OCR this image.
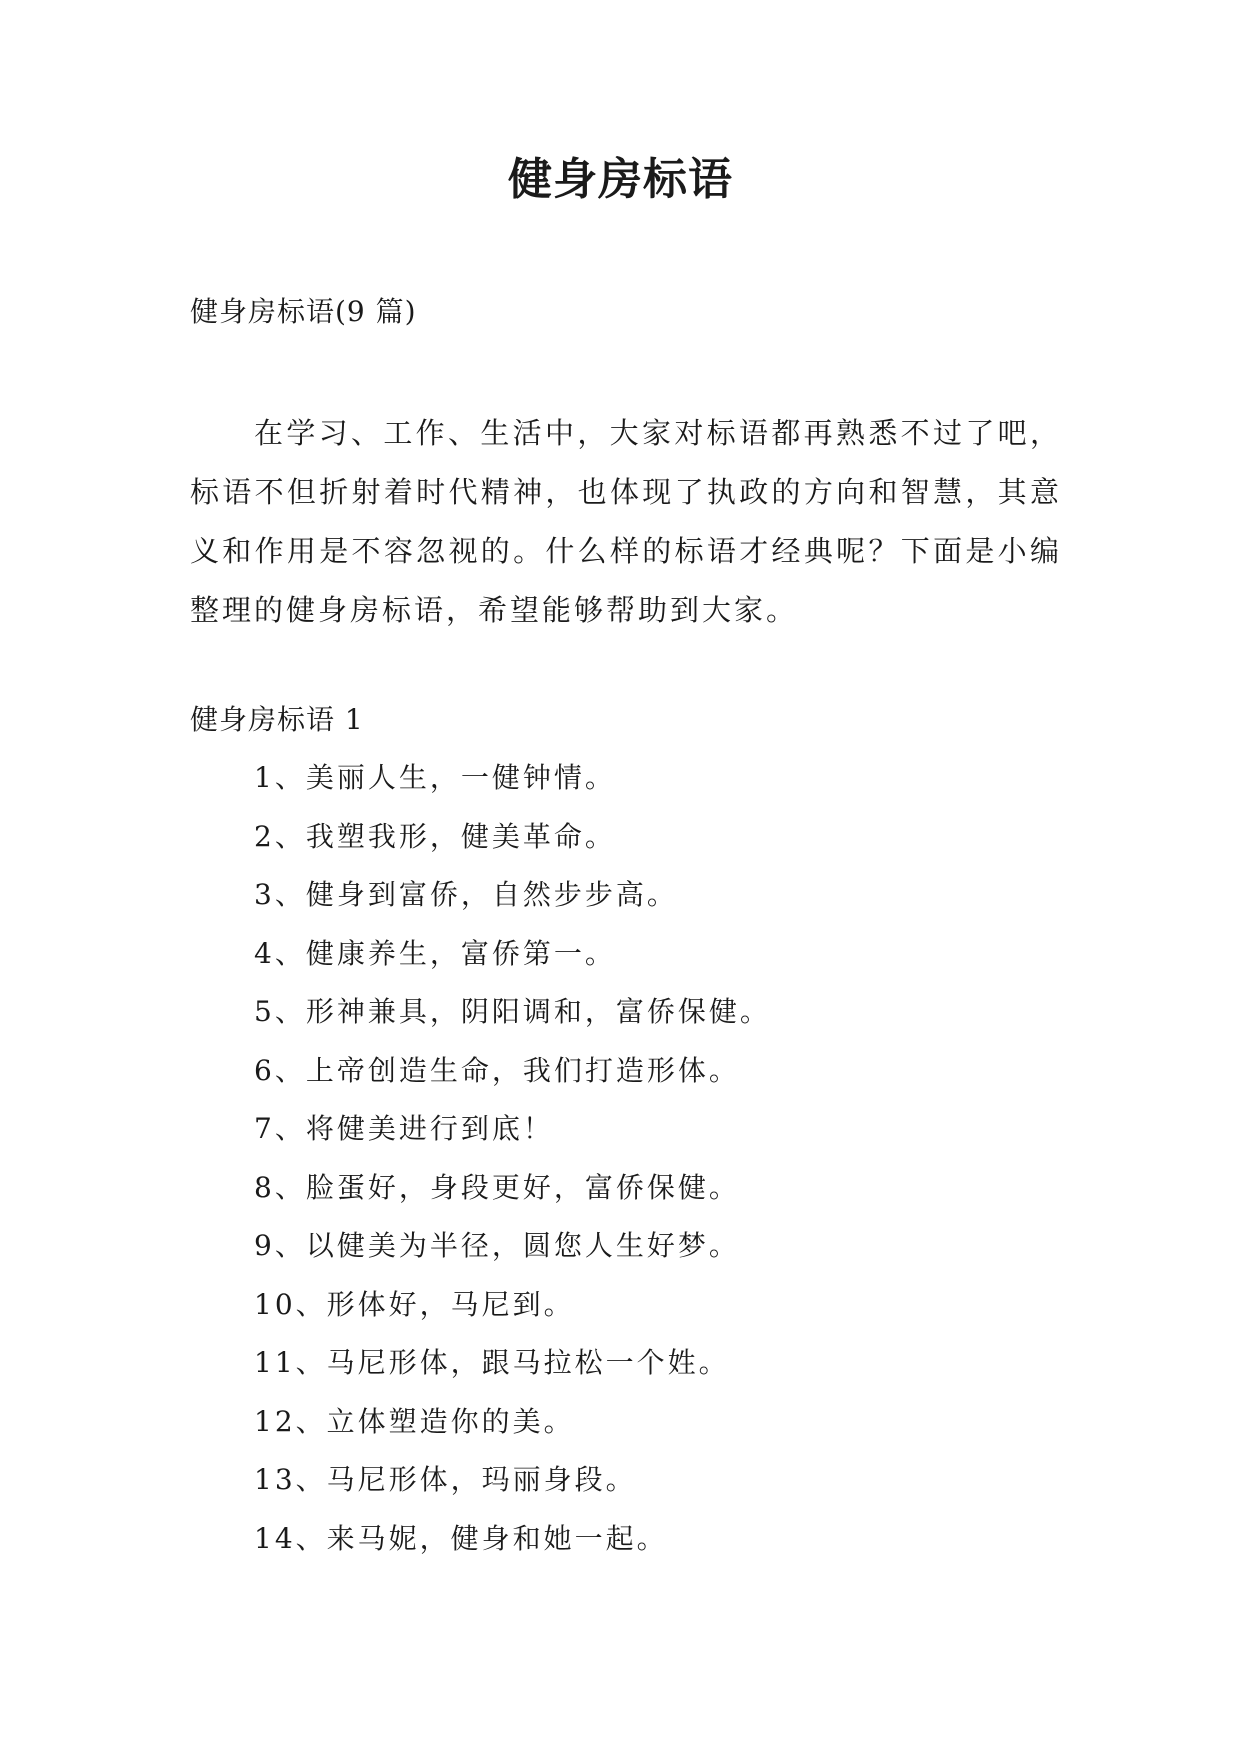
健身房标语
健身房标语(9 篇)

在学习、工作、生活中，大家对标语都再熟悉不过了吧，标语不但折射着时代精神，也体现了执政的方向和智慧，其意义和作用是不容忽视的。什么样的标语才经典呢？下面是小编整理的健身房标语，希望能够帮助到大家。

健身房标语 1
1、美丽人生，一健钟情。
2、我塑我形，健美革命。
3、健身到富侨，自然步步高。
4、健康养生，富侨第一。
5、形神兼具，阴阳调和，富侨保健。
6、上帝创造生命，我们打造形体。
7、将健美进行到底！
8、脸蛋好，身段更好，富侨保健。
9、以健美为半径，圆您人生好梦。
10、形体好，马尼到。
11、马尼形体，跟马拉松一个姓。
12、立体塑造你的美。
13、马尼形体，玛丽身段。
14、来马妮，健身和她一起。
